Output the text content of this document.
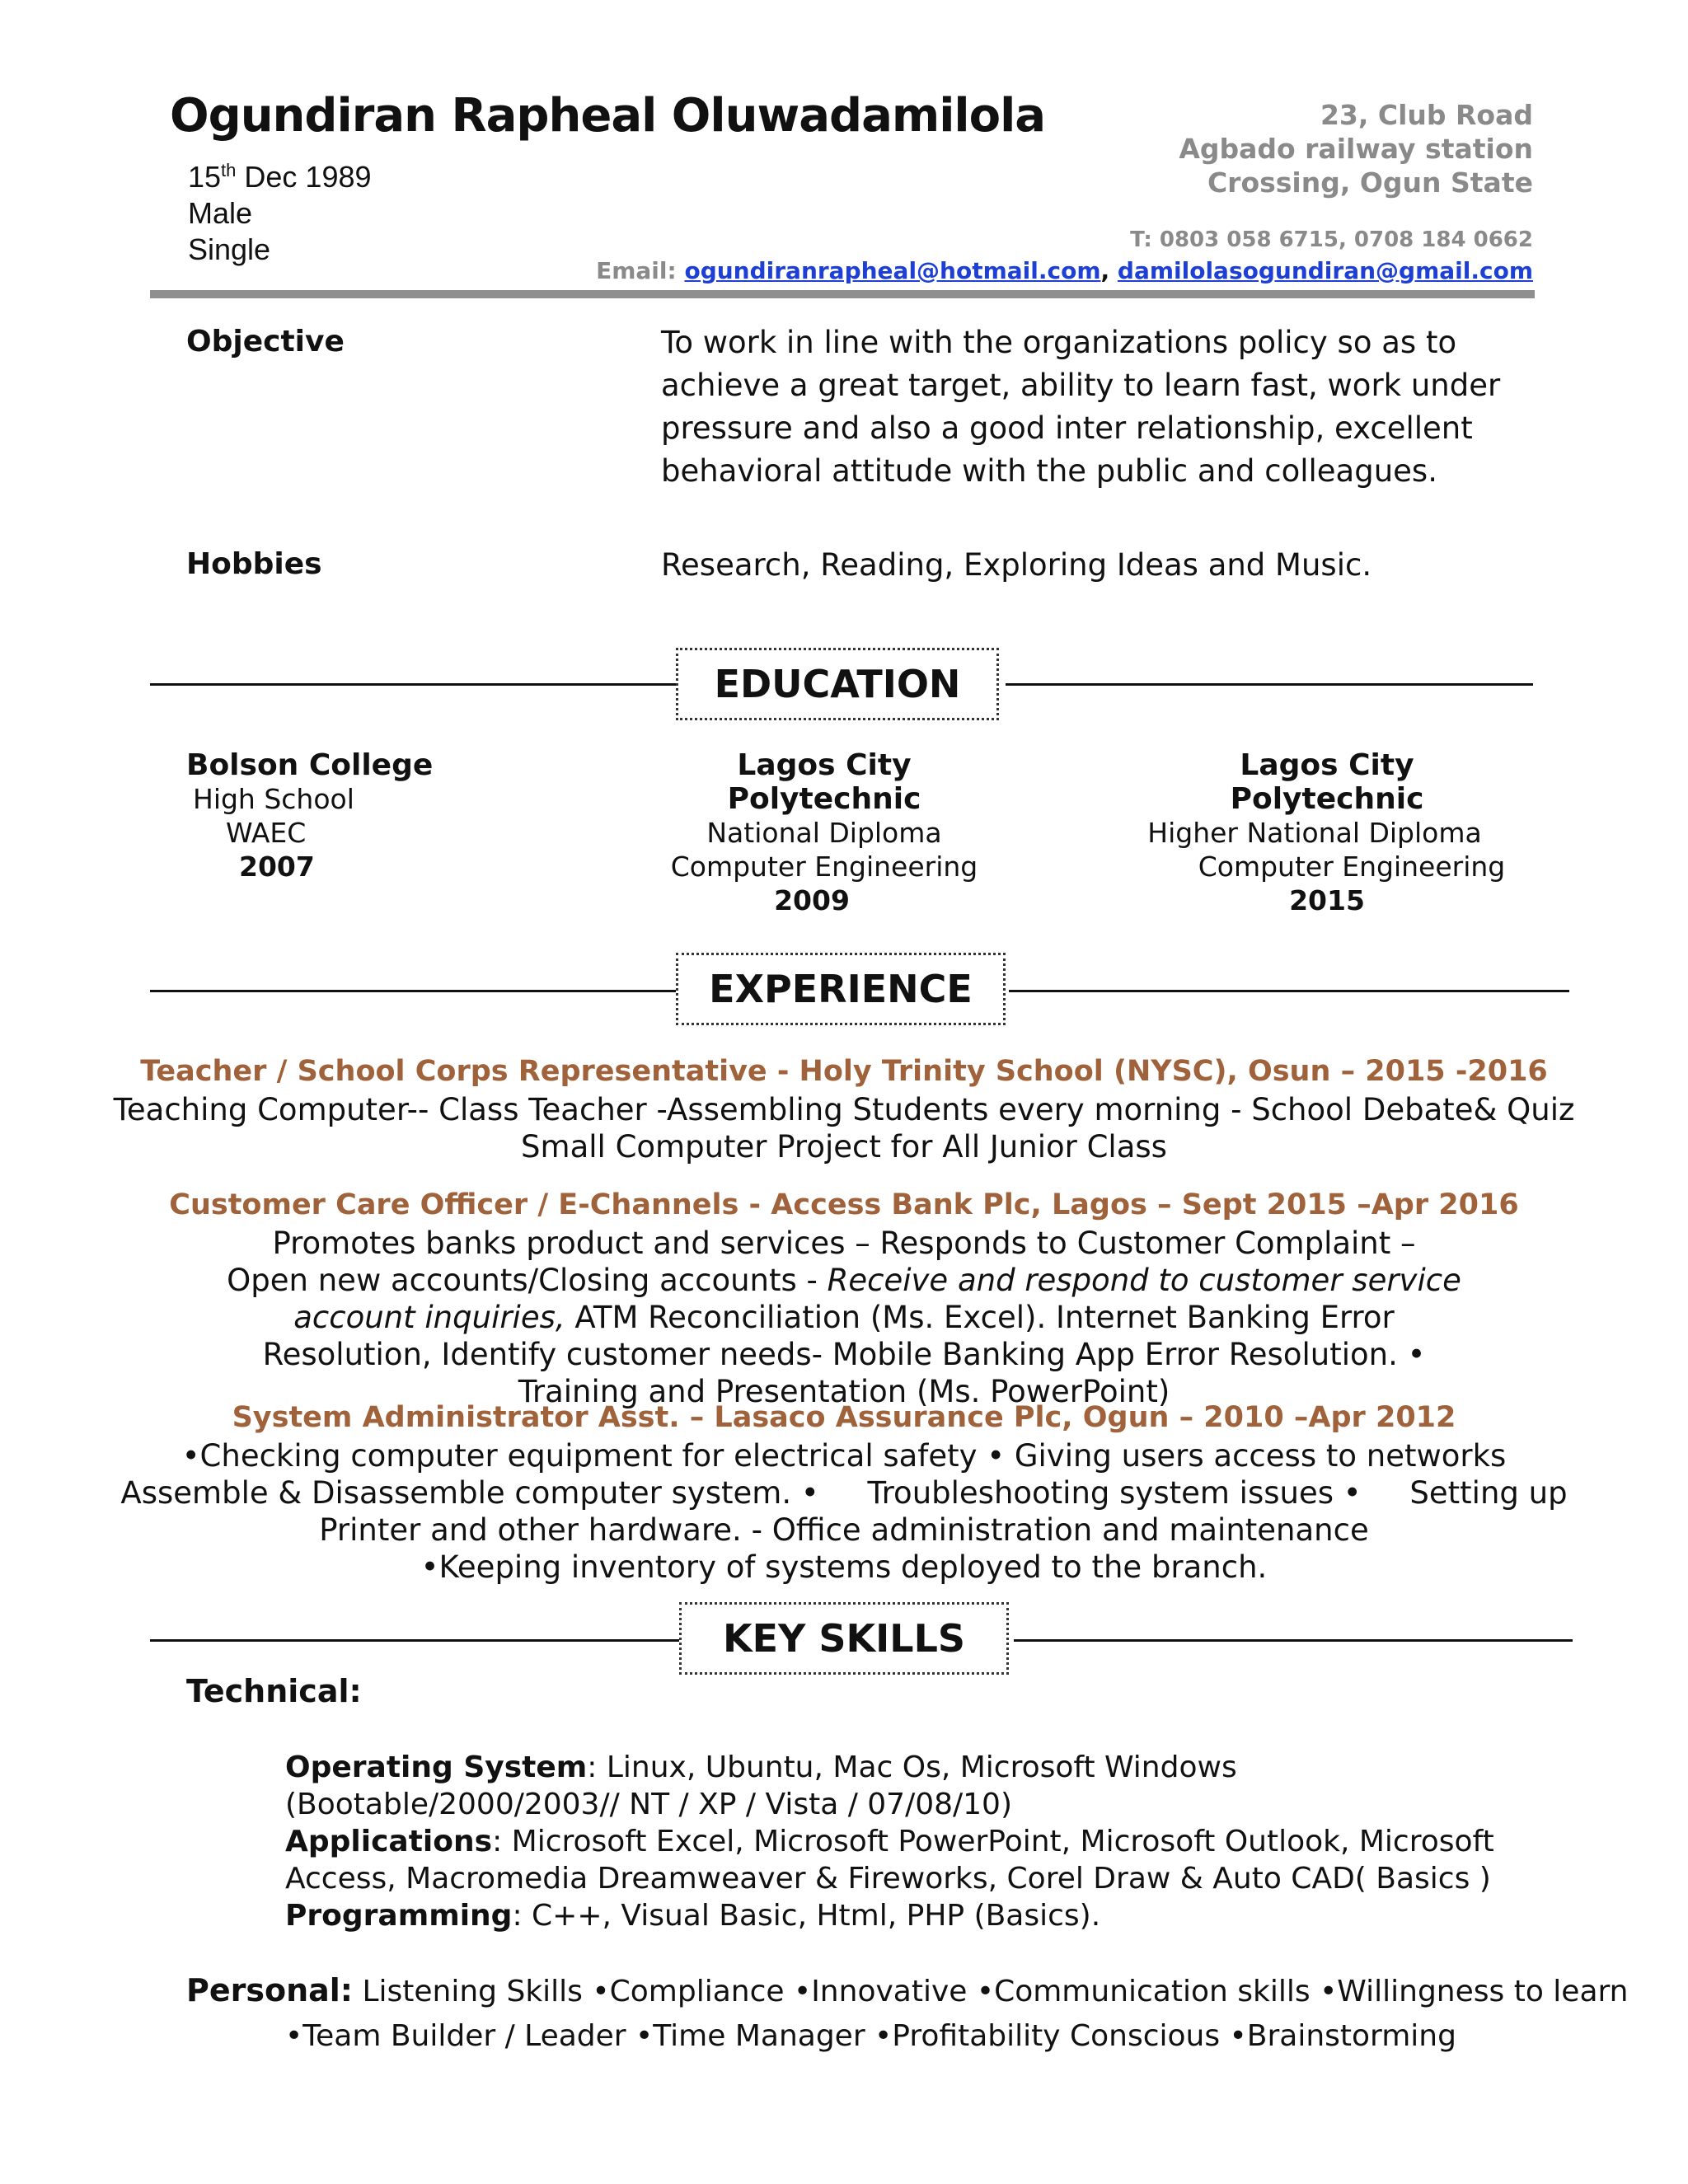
Ogundiran Rapheal Oluwadamilola
15th Dec 1989
Male
Single
23, Club Road
Agbado railway station
Crossing, Ogun State
T: 0803 058 6715, 0708 184 0662
Email: ogundiranrapheal@hotmail.com, damilolasogundiran@gmail.com
Objective	To work in line with the organizations policy so as to achieve a great target, ability to learn fast, work under pressure and also a good inter relationship, excellent behavioral attitude with the public and colleagues.
Hobbies	Research, Reading, Exploring Ideas and Music.
EDUCATION
Bolson College
High School
WAEC
2007
Lagos City Polytechnic
National Diploma
Computer Engineering
2009
Lagos City Polytechnic
Higher National Diploma
Computer Engineering
2015
EXPERIENCE
Teacher / School Corps Representative - Holy Trinity School (NYSC), Osun – 2015 -2016
Teaching Computer-- Class Teacher -Assembling Students every morning - School Debate& Quiz
Small Computer Project for All Junior Class
Customer Care Officer / E-Channels - Access Bank Plc, Lagos – Sept 2015 –Apr 2016
Promotes banks product and services – Responds to Customer Complaint –
Open new accounts/Closing accounts - Receive and respond to customer service account inquiries, ATM Reconciliation (Ms. Excel). Internet Banking Error Resolution, Identify customer needs- Mobile Banking App Error Resolution. • Training and Presentation (Ms. PowerPoint)
System Administrator Asst. – Lasaco Assurance Plc, Ogun – 2010 –Apr 2012
•Checking computer equipment for electrical safety • Giving users access to networks
Assemble & Disassemble computer system. •     Troubleshooting system issues •     Setting up
Printer and other hardware. - Office administration and maintenance
•Keeping inventory of systems deployed to the branch.
KEY SKILLS
Technical:
Operating System: Linux, Ubuntu, Mac Os, Microsoft Windows (Bootable/2000/2003// NT / XP / Vista / 07/08/10)
Applications: Microsoft Excel, Microsoft PowerPoint, Microsoft Outlook, Microsoft Access, Macromedia Dreamweaver & Fireworks, Corel Draw & Auto CAD( Basics )
Programming: C++, Visual Basic, Html, PHP (Basics).
Personal: Listening Skills •Compliance •Innovative •Communication skills •Willingness to learn
•Team Builder / Leader •Time Manager •Profitability Conscious •Brainstorming
